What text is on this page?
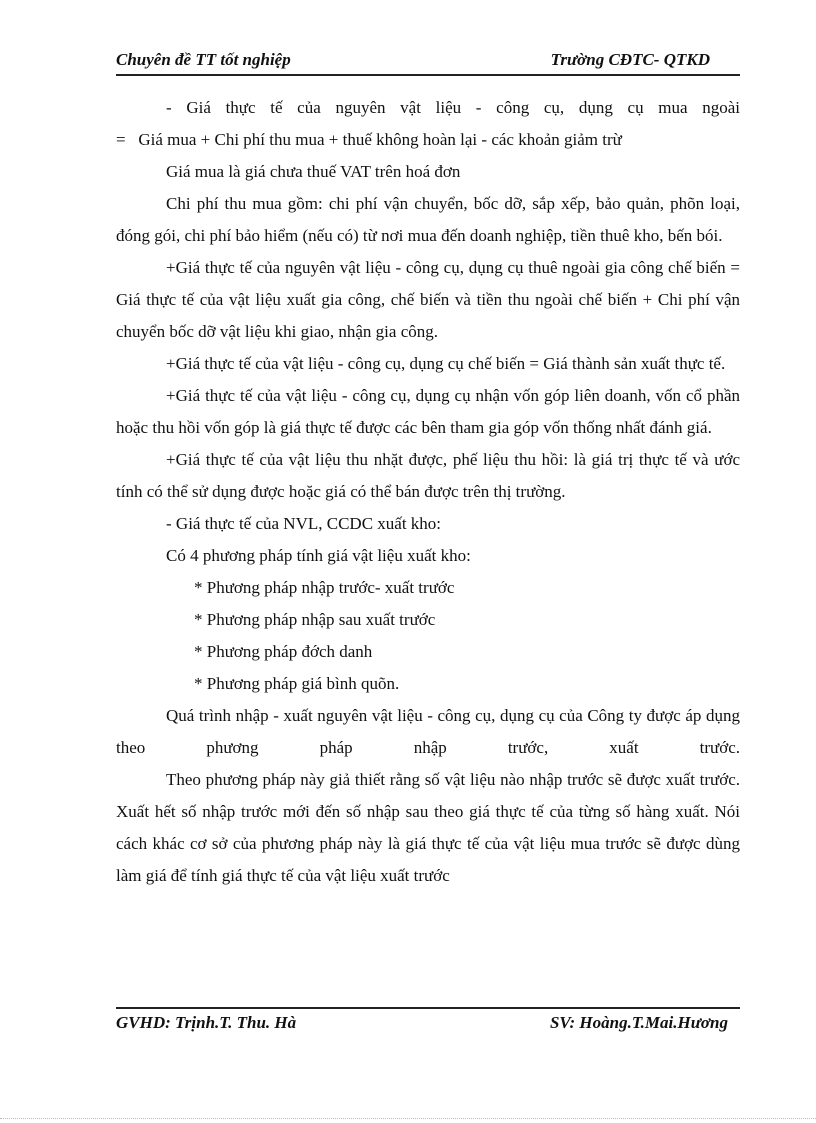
Chuyên đề TT tốt nghiệp	Trường CĐTC- QTKD

- Giá thực tế của nguyên vật liệu - công cụ, dụng cụ mua ngoài

=   Giá mua + Chi phí thu mua + thuế không hoàn lại - các khoản giảm trừ

Giá mua là giá chưa thuế VAT trên hoá đơn

Chi phí thu mua gồm: chi phí vận chuyển, bốc dỡ, sắp xếp, bảo quản, phõn loại, đóng gói, chi phí bảo hiểm (nếu có) từ nơi mua đến doanh nghiệp, tiền thuê kho, bến bói.

+Giá thực tế của nguyên vật liệu - công cụ, dụng cụ thuê ngoài gia công chế biến = Giá thực tế của vật liệu xuất gia công, chế biến và tiền thu ngoài chế biến + Chi phí vận chuyển bốc dỡ vật liệu khi giao, nhận gia công.

+Giá thực tế của vật liệu - công cụ, dụng cụ chế biến = Giá thành sản xuất thực tế.

+Giá thực tế của vật liệu - công cụ, dụng cụ nhận vốn góp liên doanh, vốn cổ phần hoặc thu hồi vốn góp là giá thực tế được các bên tham gia góp vốn thống nhất đánh giá.

+Giá thực tế của vật liệu thu nhặt được, phế liệu thu hồi: là giá trị thực tế và ước tính có thể sử dụng được hoặc giá có thể bán được trên thị trường.

- Giá thực tế của NVL, CCDC xuất kho:

Có 4 phương pháp tính giá vật liệu xuất kho:

* Phương pháp nhập trước- xuất trước

* Phương pháp nhập sau xuất trước

* Phương pháp đớch danh

* Phương pháp giá bình quõn.

Quá trình nhập - xuất nguyên vật liệu - công cụ, dụng cụ của Công ty được áp dụng theo phương pháp nhập trước, xuất trước.

Theo phương pháp này giả thiết rằng số vật liệu nào nhập trước sẽ được xuất trước. Xuất hết số nhập trước mới đến số nhập sau theo giá thực tế của từng số hàng xuất. Nói cách khác cơ sở của phương pháp này là giá thực tế của vật liệu mua trước sẽ được dùng làm giá để tính giá thực tế của vật liệu xuất trước

GVHD: Trịnh.T. Thu. Hà	SV: Hoàng.T.Mai.Hương
